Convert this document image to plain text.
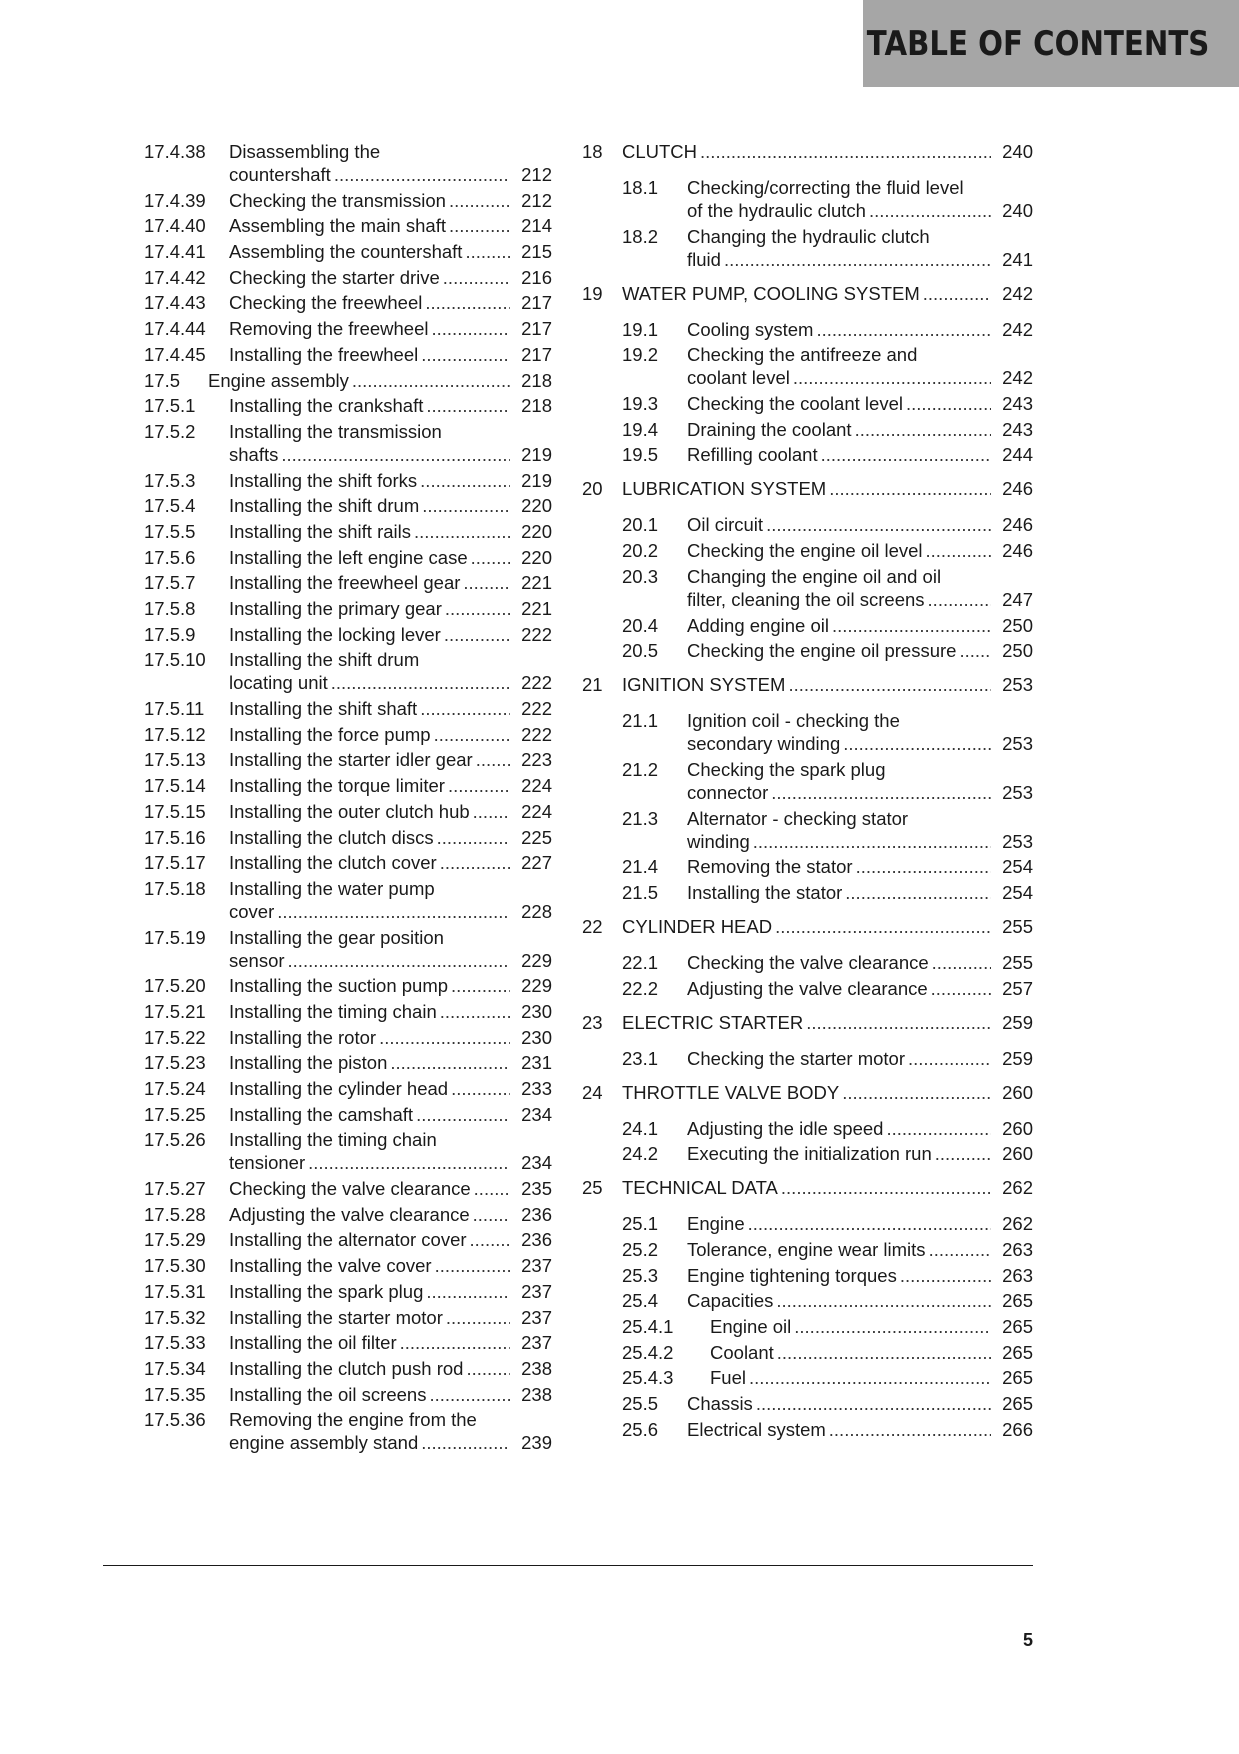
TABLE OF CONTENTS
17.4.38 Disassembling the
countershaft .....	212
17.4.39 Checking the transmission .....	212
17.4.40 Assembling the main shaft .....	214
17.4.41 Assembling the countershaft .....	215
17.4.42 Checking the starter drive .....	216
17.4.43 Checking the freewheel .....	217
17.4.44 Removing the freewheel .....	217
17.4.45 Installing the freewheel .....	217
17.5 Engine assembly .....	218
17.5.1 Installing the crankshaft .....	218
17.5.2 Installing the transmission
shafts .....	219
17.5.3 Installing the shift forks .....	219
17.5.4 Installing the shift drum .....	220
17.5.5 Installing the shift rails .....	220
17.5.6 Installing the left engine case .....	220
17.5.7 Installing the freewheel gear .....	221
17.5.8 Installing the primary gear .....	221
17.5.9 Installing the locking lever .....	222
17.5.10 Installing the shift drum
locating unit .....	222
17.5.11 Installing the shift shaft .....	222
17.5.12 Installing the force pump .....	222
17.5.13 Installing the starter idler gear .....	223
17.5.14 Installing the torque limiter .....	224
17.5.15 Installing the outer clutch hub .....	224
17.5.16 Installing the clutch discs .....	225
17.5.17 Installing the clutch cover .....	227
17.5.18 Installing the water pump
cover .....	228
17.5.19 Installing the gear position
sensor .....	229
17.5.20 Installing the suction pump .....	229
17.5.21 Installing the timing chain .....	230
17.5.22 Installing the rotor .....	230
17.5.23 Installing the piston .....	231
17.5.24 Installing the cylinder head .....	233
17.5.25 Installing the camshaft .....	234
17.5.26 Installing the timing chain
tensioner .....	234
17.5.27 Checking the valve clearance .....	235
17.5.28 Adjusting the valve clearance .....	236
17.5.29 Installing the alternator cover .....	236
17.5.30 Installing the valve cover .....	237
17.5.31 Installing the spark plug .....	237
17.5.32 Installing the starter motor .....	237
17.5.33 Installing the oil filter .....	237
17.5.34 Installing the clutch push rod .....	238
17.5.35 Installing the oil screens .....	238
17.5.36 Removing the engine from the
engine assembly stand .....	239
18 CLUTCH .....	240
18.1 Checking/correcting the fluid level
of the hydraulic clutch .....	240
18.2 Changing the hydraulic clutch
fluid .....	241
19 WATER PUMP, COOLING SYSTEM .....	242
19.1 Cooling system .....	242
19.2 Checking the antifreeze and
coolant level .....	242
19.3 Checking the coolant level .....	243
19.4 Draining the coolant .....	243
19.5 Refilling coolant .....	244
20 LUBRICATION SYSTEM .....	246
20.1 Oil circuit .....	246
20.2 Checking the engine oil level .....	246
20.3 Changing the engine oil and oil
filter, cleaning the oil screens .....	247
20.4 Adding engine oil .....	250
20.5 Checking the engine oil pressure ..... 250
21 IGNITION SYSTEM .....	253
21.1 Ignition coil - checking the
secondary winding .....	253
21.2 Checking the spark plug
connector .....	253
21.3 Alternator - checking stator
winding .....	253
21.4 Removing the stator .....	254
21.5 Installing the stator .....	254
22 CYLINDER HEAD .....	255
22.1 Checking the valve clearance .....	255
22.2 Adjusting the valve clearance .....	257
23 ELECTRIC STARTER .....	259
23.1 Checking the starter motor .....	259
24 THROTTLE VALVE BODY .....	260
24.1 Adjusting the idle speed .....	260
24.2 Executing the initialization run .....	260
25 TECHNICAL DATA .....	262
25.1 Engine .....	262
25.2 Tolerance, engine wear limits .....	263
25.3 Engine tightening torques .....	263
25.4 Capacities .....	265
25.4.1 Engine oil .....	265
25.4.2 Coolant .....	265
25.4.3 Fuel .....	265
25.5 Chassis .....	265
25.6 Electrical system .....	266
5
